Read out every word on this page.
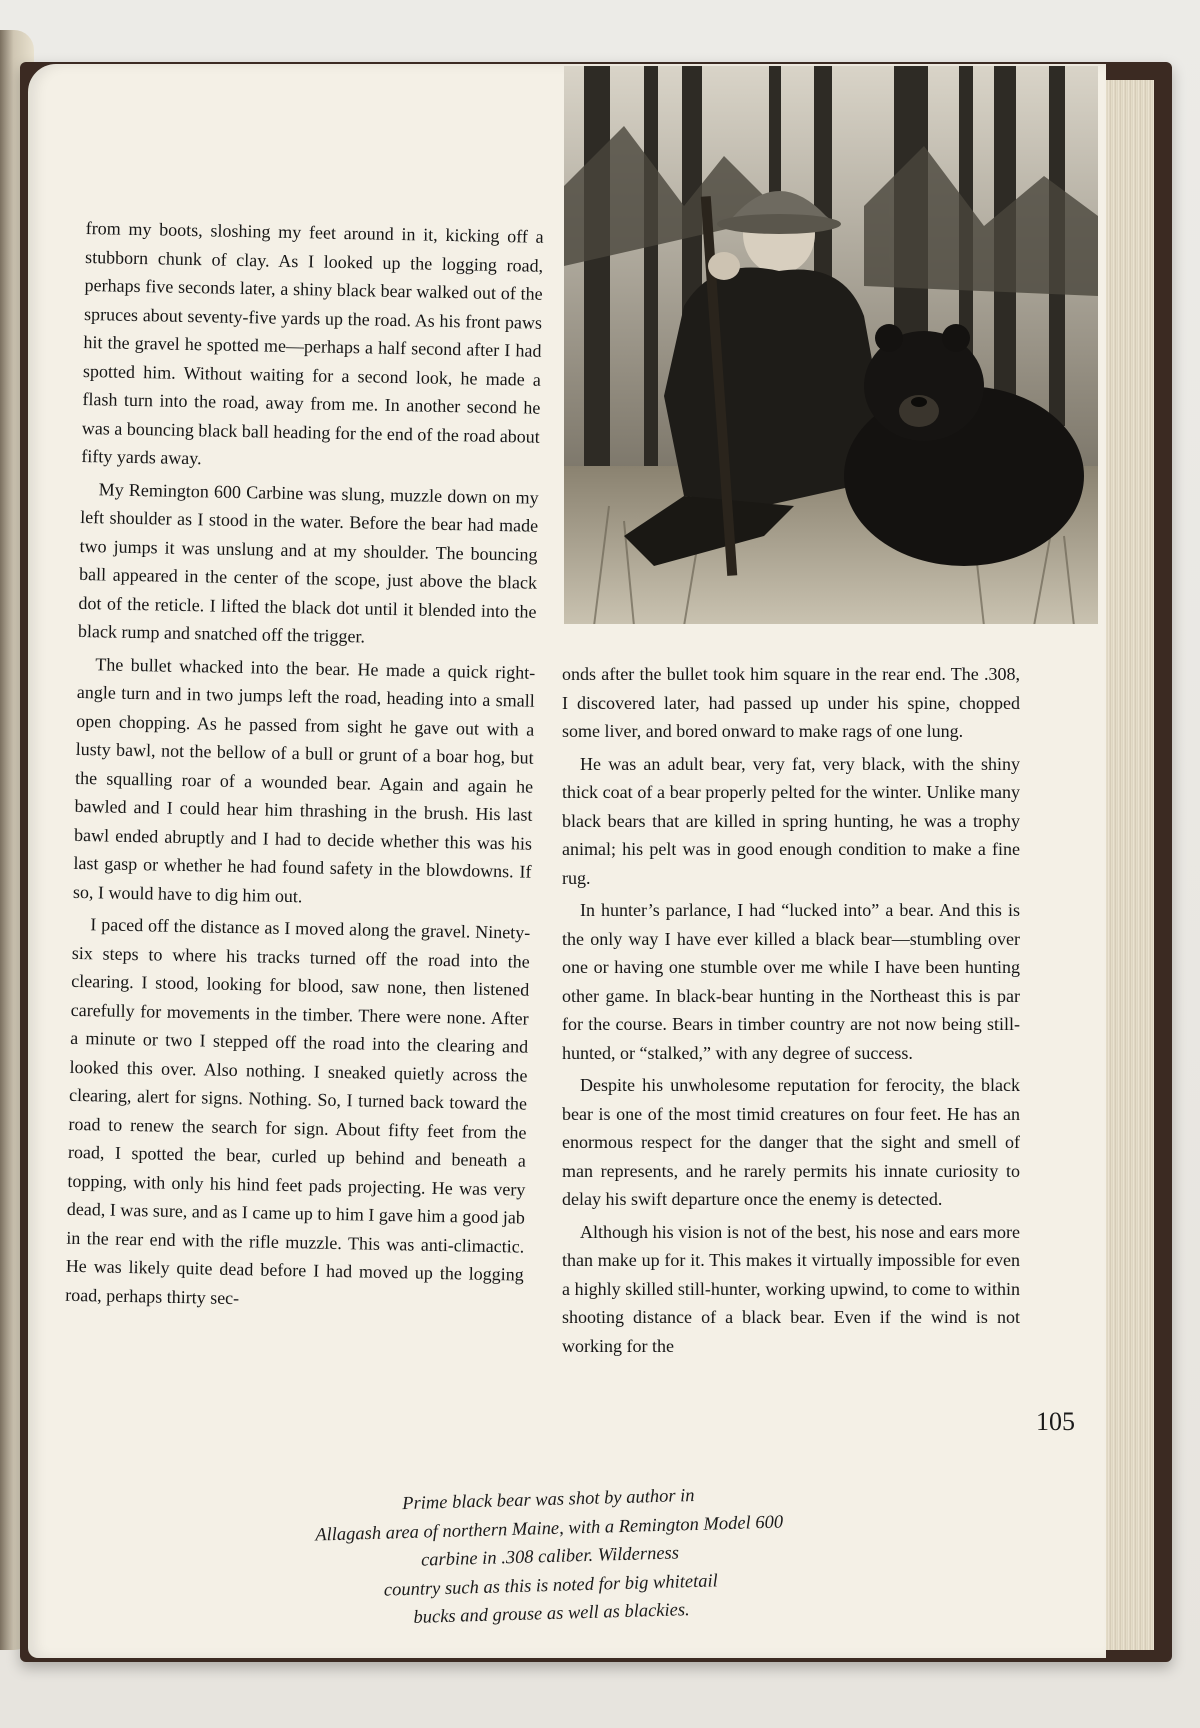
from my boots, sloshing my feet around in it, kicking off a stubborn chunk of clay. As I looked up the logging road, perhaps five seconds later, a shiny black bear walked out of the spruces about seventy-five yards up the road. As his front paws hit the gravel he spotted me—perhaps a half second after I had spotted him. Without waiting for a second look, he made a flash turn into the road, away from me. In another second he was a bouncing black ball heading for the end of the road about fifty yards away.

My Remington 600 Carbine was slung, muzzle down on my left shoulder as I stood in the water. Before the bear had made two jumps it was unslung and at my shoulder. The bouncing ball appeared in the center of the scope, just above the black dot of the reticle. I lifted the black dot until it blended into the black rump and snatched off the trigger.

The bullet whacked into the bear. He made a quick right-angle turn and in two jumps left the road, heading into a small open chopping. As he passed from sight he gave out with a lusty bawl, not the bellow of a bull or grunt of a boar hog, but the squalling roar of a wounded bear. Again and again he bawled and I could hear him thrashing in the brush. His last bawl ended abruptly and I had to decide whether this was his last gasp or whether he had found safety in the blowdowns. If so, I would have to dig him out.

I paced off the distance as I moved along the gravel. Ninety-six steps to where his tracks turned off the road into the clearing. I stood, looking for blood, saw none, then listened carefully for movements in the timber. There were none. After a minute or two I stepped off the road into the clearing and looked this over. Also nothing. I sneaked quietly across the clearing, alert for signs. Nothing. So, I turned back toward the road to renew the search for sign. About fifty feet from the road, I spotted the bear, curled up behind and beneath a topping, with only his hind feet pads projecting. He was very dead, I was sure, and as I came up to him I gave him a good jab in the rear end with the rifle muzzle. This was anti-climactic. He was likely quite dead before I had moved up the logging road, perhaps thirty sec-

onds after the bullet took him square in the rear end. The .308, I discovered later, had passed up under his spine, chopped some liver, and bored onward to make rags of one lung.

He was an adult bear, very fat, very black, with the shiny thick coat of a bear properly pelted for the winter. Unlike many black bears that are killed in spring hunting, he was a trophy animal; his pelt was in good enough condition to make a fine rug.

In hunter’s parlance, I had “lucked into” a bear. And this is the only way I have ever killed a black bear—stumbling over one or having one stumble over me while I have been hunting other game. In black-bear hunting in the Northeast this is par for the course. Bears in timber country are not now being still-hunted, or “stalked,” with any degree of success.

Despite his unwholesome reputation for ferocity, the black bear is one of the most timid creatures on four feet. He has an enormous respect for the danger that the sight and smell of man represents, and he rarely permits his innate curiosity to delay his swift departure once the enemy is detected.

Although his vision is not of the best, his nose and ears more than make up for it. This makes it virtually impossible for even a highly skilled still-hunter, working upwind, to come to within shooting distance of a black bear. Even if the wind is not working for the

105
Prime black bear was shot by author in
Allagash area of northern Maine, with a Remington Model 600
carbine in .308 caliber. Wilderness
country such as this is noted for big whitetail
bucks and grouse as well as blackies.
